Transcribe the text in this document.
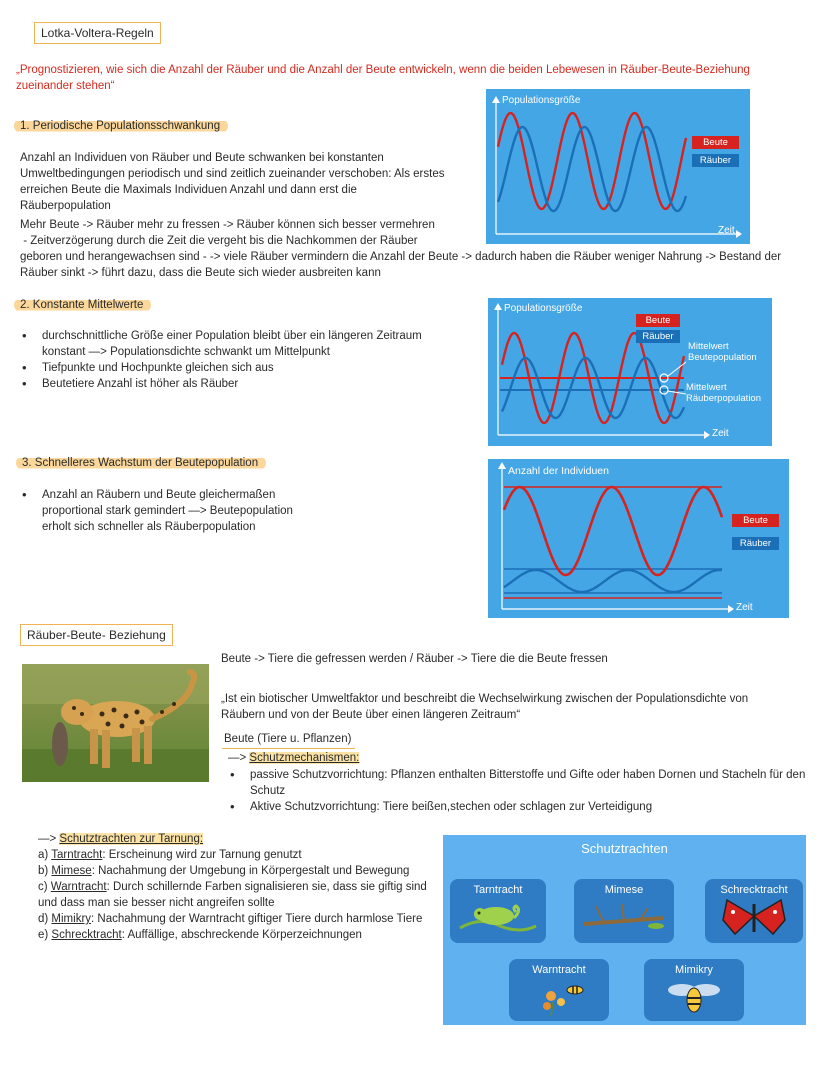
Lotka-Voltera-Regeln
„Prognostizieren, wie sich die Anzahl der Räuber und die Anzahl der Beute entwickeln, wenn die beiden Lebewesen in Räuber-Beute-Beziehung zueinander stehen“
1. Periodische Populationsschwankung
Anzahl an Individuen von Räuber und Beute schwanken bei konstanten Umweltbedingungen periodisch und sind zeitlich zueinander verschoben: Als erstes erreichen Beute die Maximals Individuen Anzahl und dann erst die Räuberpopulation
Mehr Beute -> Räuber mehr zu fressen -> Räuber können sich besser vermehren
- Zeitverzögerung durch die Zeit die vergeht bis die Nachkommen der Räuber
geboren und herangewachsen sind - -> viele Räuber vermindern die Anzahl der Beute -> dadurch haben die Räuber weniger Nahrung -> Bestand der Räuber sinkt -> führt dazu, dass die Beute sich wieder ausbreiten kann
Populationsgröße
Zeit
Beute
Räuber
2. Konstante Mittelwerte
• durchschnittliche Größe einer Population bleibt über ein längeren Zeitraum konstant —> Populationsdichte schwankt um Mittelpunkt
• Tiefpunkte und Hochpunkte gleichen sich aus
• Beutetiere Anzahl ist höher als Räuber
Populationsgröße
Zeit
Beute
Räuber
Mittelwert
Beutepopulation
Mittelwert
Räuberpopulation
3. Schnelleres Wachstum der Beutepopulation
• Anzahl an Räubern und Beute gleichermaßen proportional stark gemindert —> Beutepopulation erholt sich schneller als Räuberpopulation
Anzahl der Individuen
Zeit
Beute
Räuber
Räuber-Beute- Beziehung
Beute -> Tiere die gefressen werden / Räuber -> Tiere die die Beute fressen
„Ist ein biotischer Umweltfaktor und beschreibt die Wechselwirkung zwischen der Populationsdichte von Räubern und von der Beute über einen längeren Zeitraum“
Beute (Tiere u. Pflanzen)
—> Schutzmechanismen:
• passive Schutzvorrichtung: Pflanzen enthalten Bitterstoffe und Gifte oder haben Dornen und Stacheln für den Schutz
• Aktive Schutzvorrichtung: Tiere beißen,stechen oder schlagen zur Verteidigung
—> Schutztrachten zur Tarnung:
a) Tarntracht: Erscheinung wird zur Tarnung genutzt
b) Mimese: Nachahmung der Umgebung in Körpergestalt und Bewegung
c) Warntracht: Durch schillernde Farben signalisieren sie, dass sie giftig sind und dass man sie besser nicht angreifen sollte
d) Mimikry: Nachahmung der Warntracht giftiger Tiere durch harmlose Tiere
e) Schrecktracht: Auffällige, abschreckende Körperzeichnungen
Schutztrachten
Tarntracht	Mimese	Schrecktracht
Warntracht	Mimikry
